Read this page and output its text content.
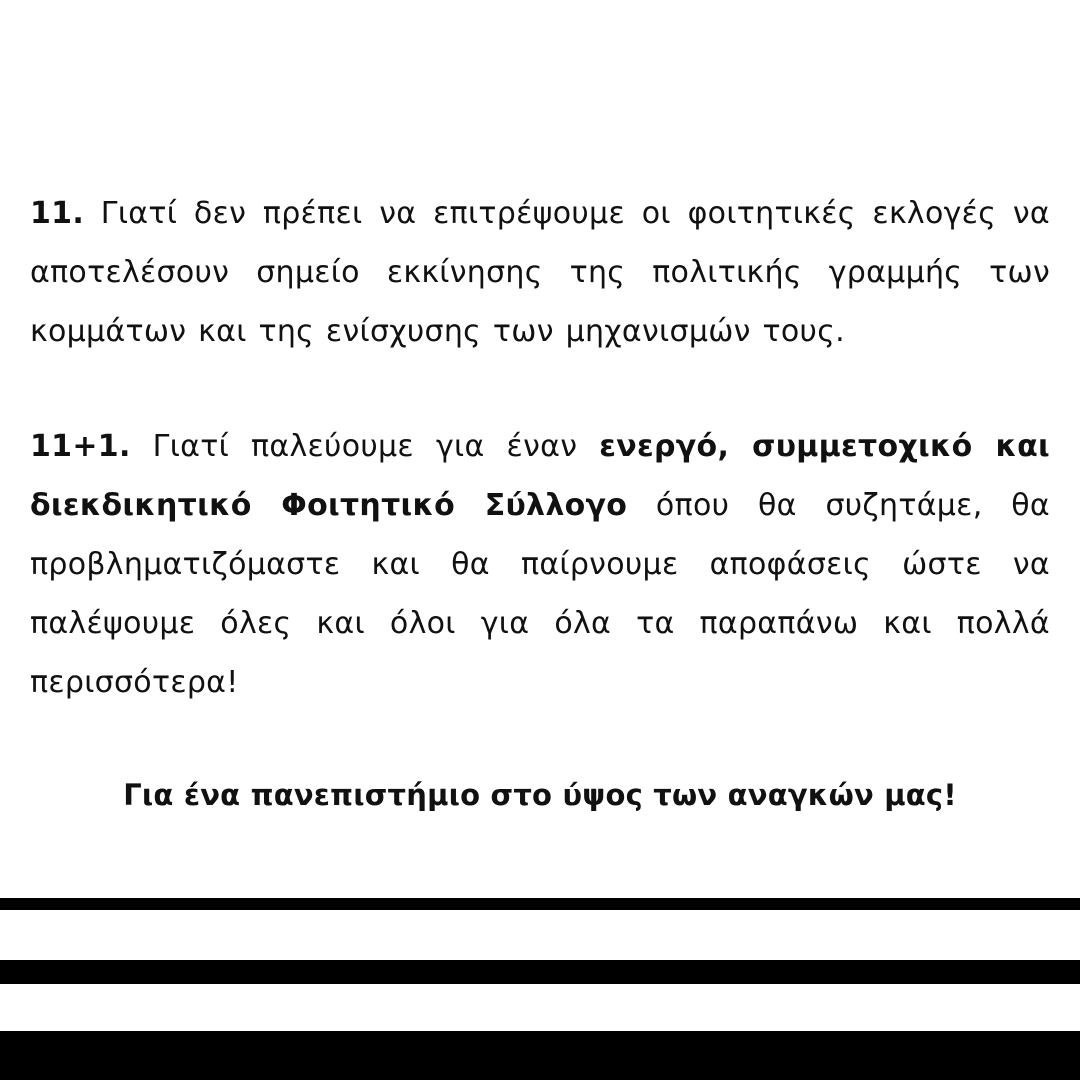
11. Γιατί δεν πρέπει να επιτρέψουμε οι φοιτητικές εκλογές να αποτελέσουν σημείο εκκίνησης της πολιτικής γραμμής των κομμάτων και της ενίσχυσης των μηχανισμών τους.

11+1. Γιατί παλεύουμε για έναν ενεργό, συμμετοχικό και διεκδικητικό Φοιτητικό Σύλλογο όπου θα συζητάμε, θα προβληματιζόμαστε και θα παίρνουμε αποφάσεις ώστε να παλέψουμε όλες και όλοι για όλα τα παραπάνω και πολλά περισσότερα!

Για ένα πανεπιστήμιο στο ύψος των αναγκών μας!
